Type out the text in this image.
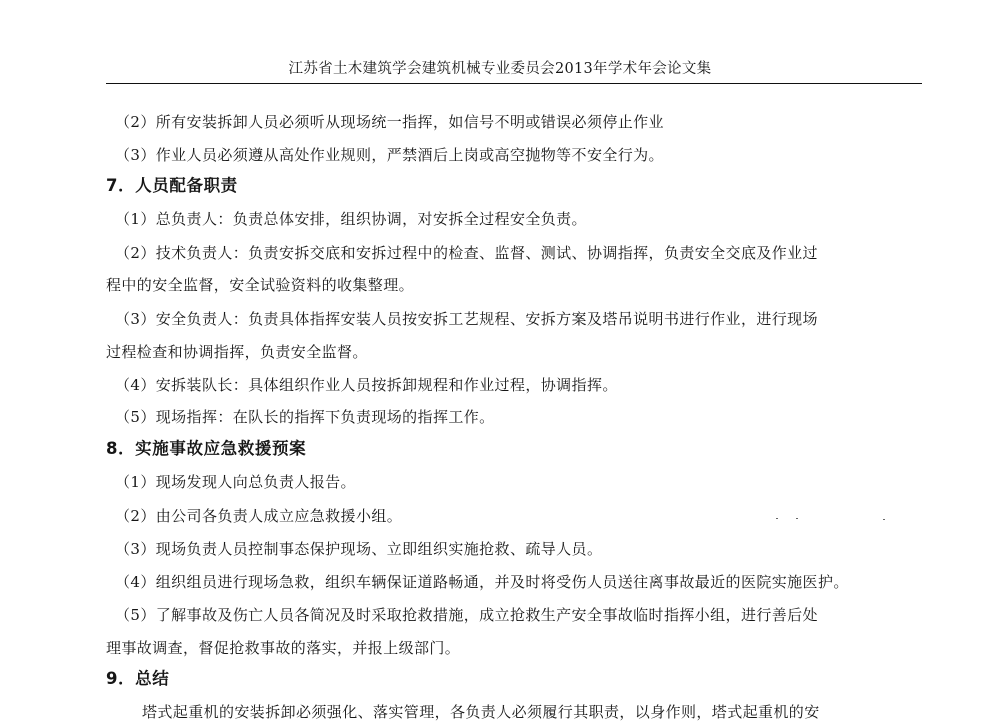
江苏省土木建筑学会建筑机械专业委员会2013年学术年会论文集
（2）所有安装拆卸人员必须听从现场统一指挥，如信号不明或错误必须停止作业
（3）作业人员必须遵从高处作业规则，严禁酒后上岗或高空抛物等不安全行为。
7．人员配备职责
（1）总负责人：负责总体安排，组织协调，对安拆全过程安全负责。
（2）技术负责人：负责安拆交底和安拆过程中的检查、监督、测试、协调指挥，负责安全交底及作业过
程中的安全监督，安全试验资料的收集整理。
（3）安全负责人：负责具体指挥安装人员按安拆工艺规程、安拆方案及塔吊说明书进行作业，进行现场
过程检查和协调指挥，负责安全监督。
（4）安拆装队长：具体组织作业人员按拆卸规程和作业过程，协调指挥。
（5）现场指挥：在队长的指挥下负责现场的指挥工作。
8．实施事故应急救援预案
（1）现场发现人向总负责人报告。
（2）由公司各负责人成立应急救援小组。
（3）现场负责人员控制事态保护现场、立即组织实施抢救、疏导人员。
（4）组织组员进行现场急救，组织车辆保证道路畅通，并及时将受伤人员送往离事故最近的医院实施医护。
（5）了解事故及伤亡人员各简况及时采取抢救措施，成立抢救生产安全事故临时指挥小组，进行善后处
理事故调查，督促抢救事故的落实，并报上级部门。
9．总结
塔式起重机的安装拆卸必须强化、落实管理，各负责人必须履行其职责，以身作则，塔式起重机的安
